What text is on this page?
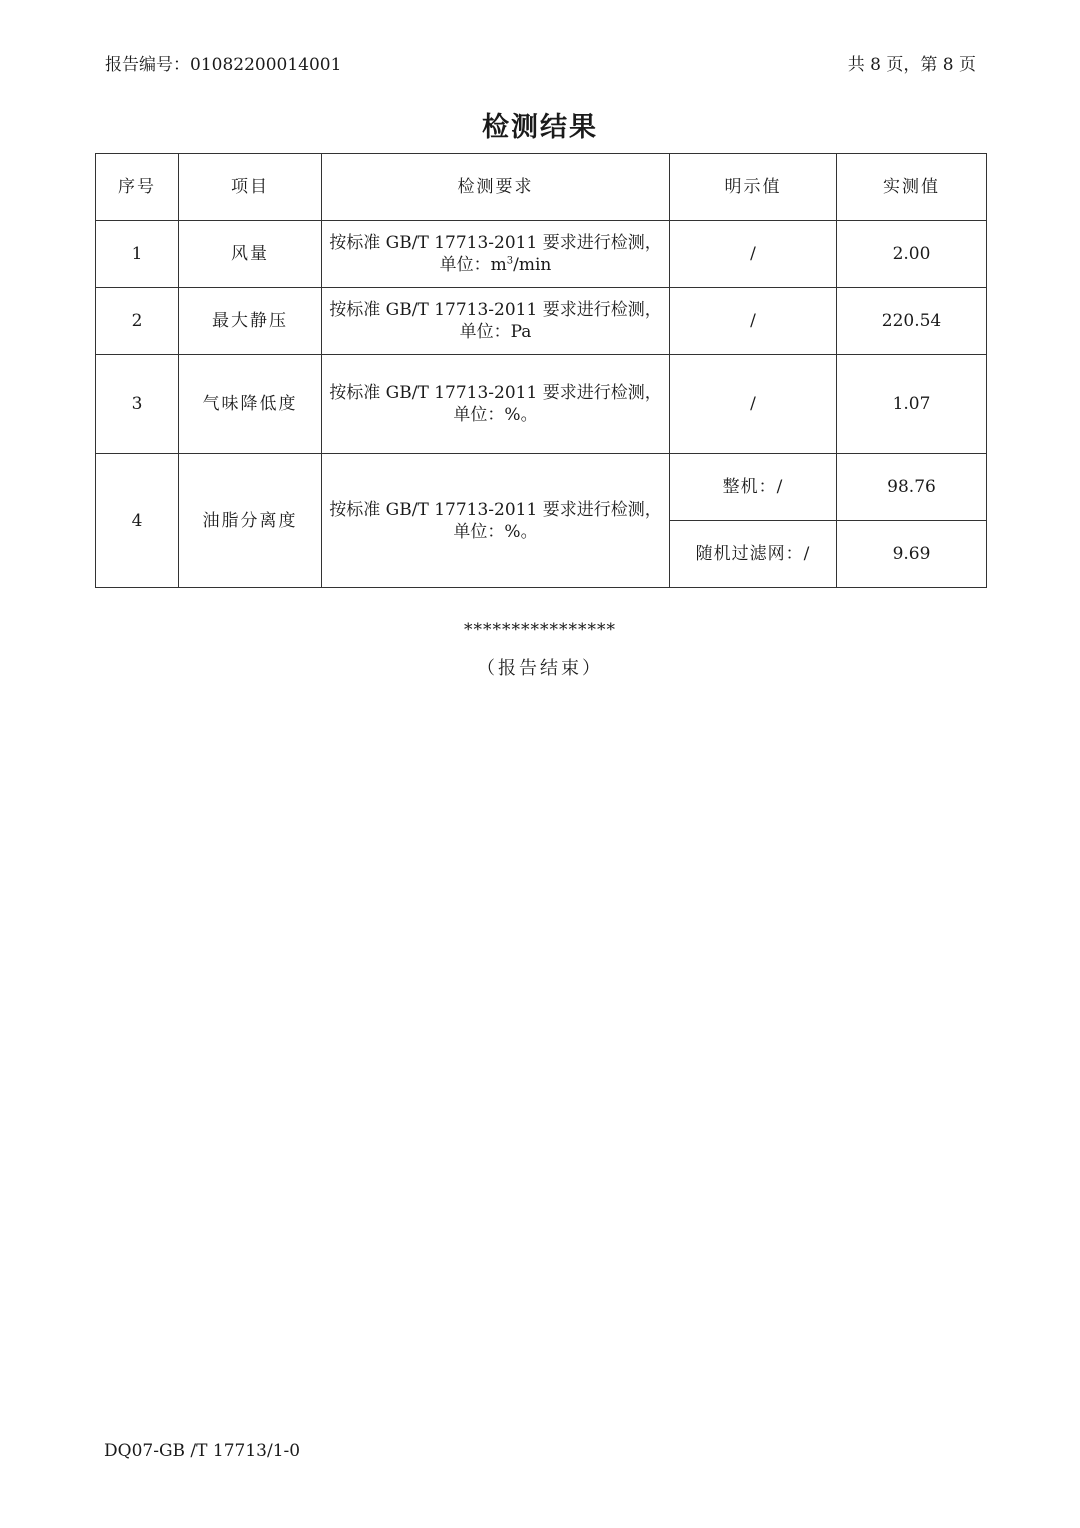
报告编号：01082200014001	共 8 页，第 8 页
检测结果
序号	项目	检测要求	明示值	实测值
1	风量	按标准 GB/T 17713-2011 要求进行检测，
单位：$m^3/\min$	/	2.00
2	最大静压	按标准 GB/T 17713-2011 要求进行检测，
单位：Pa	/	220.54
3	气味降低度	按标准 GB/T 17713-2011 要求进行检测，
单位：%。	/	1.07
4	油脂分离度	按标准 GB/T 17713-2011 要求进行检测，
单位：%。	整机：/	98.76
			随机过滤网：/	9.69
****************
（报告结束）
DQ07-GB /T 17713/1-0
